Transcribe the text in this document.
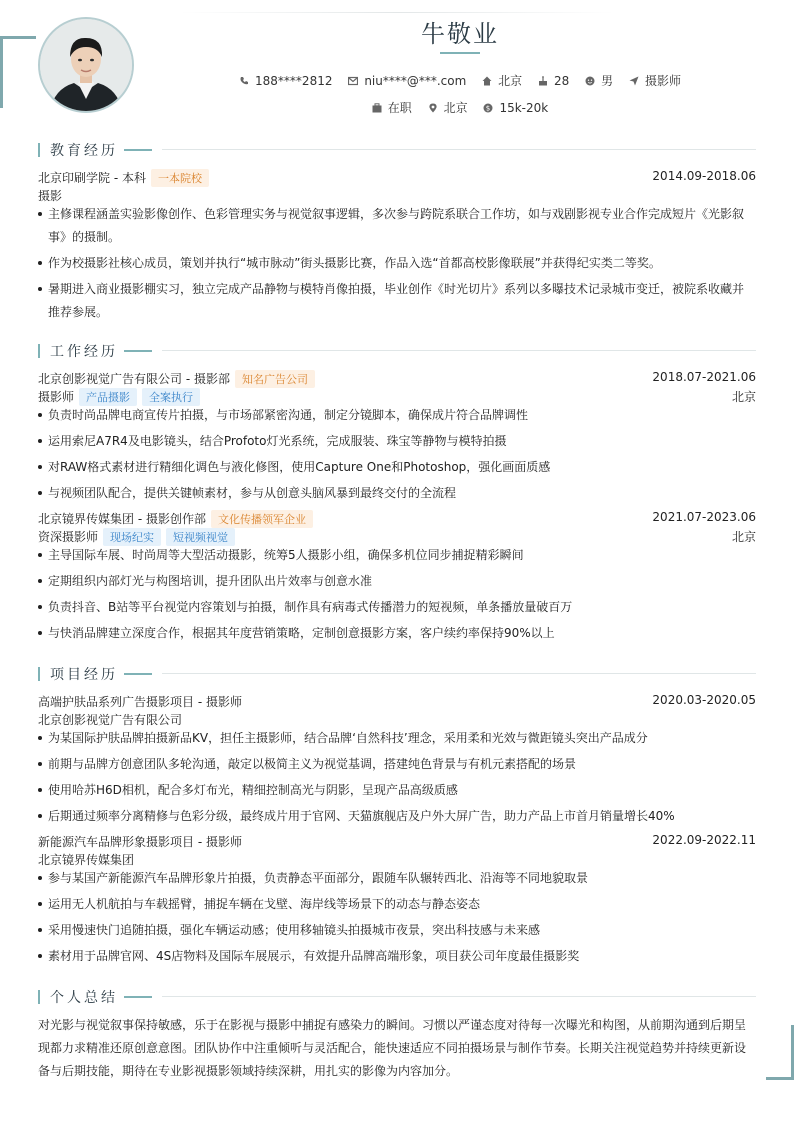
牛敬业
188****2812	niu****@***.com	北京	28	男	摄影师
在职	北京	$ 15k-20k
教育经历
北京印刷学院 - 本科 一本院校	2014.09-2018.06
摄影
主修课程涵盖实验影像创作、色彩管理实务与视觉叙事逻辑，多次参与跨院系联合工作坊，如与戏剧影视专业合作完成短片《光影叙
事》的摄制。
作为校摄影社核心成员，策划并执行“城市脉动”街头摄影比赛，作品入选“首都高校影像联展”并获得纪实类二等奖。
暑期进入商业摄影棚实习，独立完成产品静物与模特肖像拍摄，毕业创作《时光切片》系列以多曝技术记录城市变迁，被院系收藏并
推荐参展。
工作经历
北京创影视觉广告有限公司 - 摄影部 知名广告公司	2018.07-2021.06
摄影师 产品摄影 全案执行	北京
负责时尚品牌电商宣传片拍摄，与市场部紧密沟通，制定分镜脚本，确保成片符合品牌调性
运用索尼A7R4及电影镜头，结合Profoto灯光系统，完成服装、珠宝等静物与模特拍摄
对RAW格式素材进行精细化调色与液化修图，使用Capture One和Photoshop，强化画面质感
与视频团队配合，提供关键帧素材，参与从创意头脑风暴到最终交付的全流程
北京镜界传媒集团 - 摄影创作部 文化传播领军企业	2021.07-2023.06
资深摄影师 现场纪实 短视频视觉	北京
主导国际车展、时尚周等大型活动摄影，统筹5人摄影小组，确保多机位同步捕捉精彩瞬间
定期组织内部灯光与构图培训，提升团队出片效率与创意水准
负责抖音、B站等平台视觉内容策划与拍摄，制作具有病毒式传播潜力的短视频，单条播放量破百万
与快消品牌建立深度合作，根据其年度营销策略，定制创意摄影方案，客户续约率保持90%以上
项目经历
高端护肤品系列广告摄影项目 - 摄影师	2020.03-2020.05
北京创影视觉广告有限公司
为某国际护肤品牌拍摄新品KV，担任主摄影师，结合品牌‘自然科技’理念，采用柔和光效与微距镜头突出产品成分
前期与品牌方创意团队多轮沟通，敲定以极简主义为视觉基调，搭建纯色背景与有机元素搭配的场景
使用哈苏H6D相机，配合多灯布光，精细控制高光与阴影，呈现产品高级质感
后期通过频率分离精修与色彩分级，最终成片用于官网、天猫旗舰店及户外大屏广告，助力产品上市首月销量增长40%
新能源汽车品牌形象摄影项目 - 摄影师	2022.09-2022.11
北京镜界传媒集团
参与某国产新能源汽车品牌形象片拍摄，负责静态平面部分，跟随车队辗转西北、沿海等不同地貌取景
运用无人机航拍与车载摇臂，捕捉车辆在戈壁、海岸线等场景下的动态与静态姿态
采用慢速快门追随拍摄，强化车辆运动感；使用移轴镜头拍摄城市夜景，突出科技感与未来感
素材用于品牌官网、4S店物料及国际车展展示，有效提升品牌高端形象，项目获公司年度最佳摄影奖
个人总结
对光影与视觉叙事保持敏感，乐于在影视与摄影中捕捉有感染力的瞬间。习惯以严谨态度对待每一次曝光和构图，从前期沟通到后期呈
现都力求精准还原创意意图。团队协作中注重倾听与灵活配合，能快速适应不同拍摄场景与制作节奏。长期关注视觉趋势并持续更新设
备与后期技能，期待在专业影视摄影领域持续深耕，用扎实的影像为内容加分。
